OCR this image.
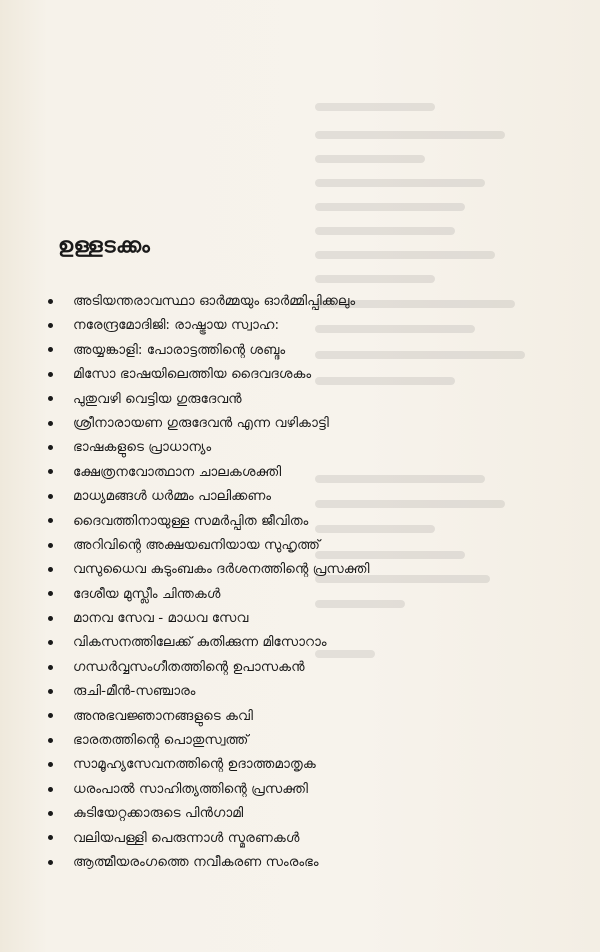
ഉള്ളടക്കം
അടിയന്തരാവസ്ഥാ ഓർമ്മയും ഓർമ്മിപ്പിക്കലും
നരേന്ദ്രമോദിജി: രാഷ്ട്രായ സ്വാഹ:
അയ്യങ്കാളി: പോരാട്ടത്തിന്റെ ശബ്ദം
മിസോ ഭാഷയിലെത്തിയ ദൈവദശകം
പുതുവഴി വെട്ടിയ ഗുരുദേവൻ
ശ്രീനാരായണ ഗുരുദേവൻ എന്ന വഴികാട്ടി
ഭാഷകളുടെ പ്രാധാന്യം
ക്ഷേത്രനവോത്ഥാന ചാലകശക്തി
മാധ്യമങ്ങൾ ധർമ്മം പാലിക്കണം
ദൈവത്തിനായുള്ള സമർപ്പിത ജീവിതം
അറിവിന്റെ അക്ഷയഖനിയായ സുഹൃത്ത്
വസുധൈവ കുടുംബകം ദർശനത്തിന്റെ പ്രസക്തി
ദേശീയ മുസ്ലീം ചിന്തകൾ
മാനവ സേവ - മാധവ സേവ
വികസനത്തിലേക്ക് കുതിക്കുന്ന മിസോറാം
ഗന്ധർവ്വസംഗീതത്തിന്റെ ഉപാസകൻ
രുചി-മീൻ-സഞ്ചാരം
അനുഭവജ്ഞാനങ്ങളുടെ കവി
ഭാരതത്തിന്റെ പൊതുസ്വത്ത്
സാമൂഹ്യസേവനത്തിന്റെ ഉദാത്തമാതൃക
ധരംപാൽ സാഹിത്യത്തിന്റെ പ്രസക്തി
കുടിയേറ്റക്കാരുടെ പിൻഗാമി
വലിയപള്ളി പെരുന്നാൾ സ്മരണകൾ
ആത്മീയരംഗത്തെ നവീകരണ സംരംഭം
